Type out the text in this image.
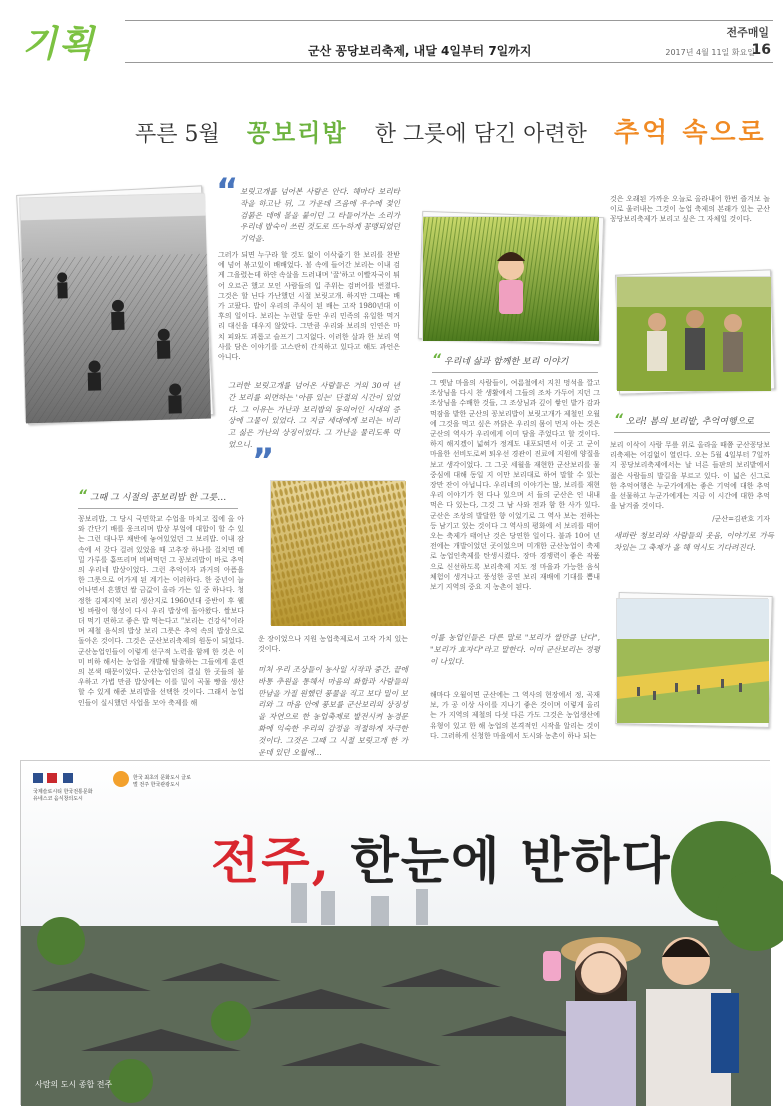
기획	전주매일
군산 꽁당보리축제, 내달 4일부터 7일까지	2017년 4월 11일 화요일
16
푸른 5월 꽁보리밥 한 그릇에 담긴 아련한 추억 속으로
“ 보릿고개를 넘어본 사람은 안다. 해마다 보리타작을 하고난 뒤, 그 가운데 즈음에 우수에 젖인 검붉은 데에 볼을 붙이던 그 타들어가는 소리가 우리네 밥숙이 쓰린 것도로 뜨누하게 꽁맹되었던 기억을.
그러가 되면 누구라 할 것도 없이 이삭줍기 한 보리를 찬받에 넘어 볶고있이 배배었다. 볼 속에 들어간 보리는 이내 검게 그을렸는데 하얀 속살을 드러내며 '꿀'하고 이빨자국이 튀어 오르곤 했고 모인 사람들의 입 주위는 검버어를 번졌다. 그것은 할 닌다 가난했던 시절 보릿고개. 하지만 그때는 배가 고팠다. 밥이 우리의 주식이 된 배는 고작 1980년대 이후의 일이다. 보리는 누런달 동안 우리 민족의 유일한 먹거리 대신을 대우지 않았다. 그만큼 우리와 보리의 인연은 마치 피와도 괴롭고 슬프기 그지없다. 이러한 살과 한 보리 역사를 담은 이야기를 고스란히 간직하고 있다고 해도 과언은 아니다.
그러한 보릿고개를 넘어온 사람들은 거의 30여 년 간 보리를 외면하는 '아픔 있는' 단절의 시간이 있었다. 그 이유는 가난과 보리밥의 동의어인 시대의 증상에 그물이 있었다. 그 지금 세대에게 보리는 비리고 싫은 가난의 상징이었다. 그 가난을 물리도록 먹었으니. ”
“ 그때 그 시절의 꽁보리밥 한 그릇…
꽁보리밥, 그 당시 국민학교 수업을 마치고 집에 올 아와 간단기 배를 웅크리며 밥상 부엌에 대합이 할 수 있는 그런 대나무 채반에 놓여있었던 그 보리밥. 이내 잠속에 서 갖다 걸려 있었을 때 고추장 하나를 걸치면 메밀 가루를 흩뜨리며 비벼먹던 그 꽁보리밥이 바로 추억의 우리네 밥상이었다. 그런 추억이자 과거의 아픔을 한 그릇으로 어가게 된 계기는 이러하다. 한 중년이 늘어나면서 흔했던 쌀 금값이 올라 가는 일 중 하나다. 청정한 김제지역 보리 생산지로 1960년대 중반이 후 웰빙 바람이 형성이 다시 우리 밥상에 돌아왔다. 쌀보다 더 먹기 편하고 좋은 밥 먹는다고 "보리는 건강식"이라며 제철 음식의 밥상 보리 그릇은 추억 속의 밥상으로 돌아온 것이다. 그것은 군산보리축제의 원동이 되었다. 군산농업인들이 이렇게 선구적 노력을 함께 한 것은 이미 비하 해서는 농업을 개발해 탈출하는 그들에게 훈련의 본색 때문이었다. 군산농업인의 결실 한 곳들의 불우하고 가볍 만큼 밥상에는 이를 밀이 곡물 빵을 생산할 수 있게 해준 보리밥을 선택한 것이다. 그래서 농업인들이 실시했던 사업을 모아 축제를 해
운 장이었으나 지원 농업축제로서 고작 가치 있는 것이다.
미처 우리 조상들이 농사일 시작과 중간, 끝에 바통 추원을 통해서 마음의 화합과 사람들의 만남을 가질 원했던 풍물을 직고 보다 밀이 보리와 그 마음 안에 풍보를 군산보리의 상징성을 자연으로 한 농업축제로 발전시켜 농경문화에 익숙한 우리의 감정을 적절하게 자극한 것이다. 그것은 그때 그 시절 보릿고개 한 가운데 있던 오월에…
“ 우리네 삶과 함께한 보리 이야기
그 옛날 마을의 사람들이, 여름철에서 지친 멍석을 깔고 조상님을 다시 찬 생활에서 그들의 조차 가두어 지던 그 조상님을 수배한 것들, 그 조상님과 깊이 쌓인 밭가 감과 먹잠을 밭한 군산의 꽁보리밥이 보릿고개가 제철인 오월에 그것을 먹고 싶은 까닭은 우리의 몸이 먼저 아는 것은 군산의 역사가 우리에게 이미 담을 주었다고 할 것이다. 하지 해지겠이 넓혀가 정계도 내포되면서 이곳 고 군이 마을한 선비도로써 퇴우선 경관이 진료에 지원에 양질을 보고 생각이었다. 그 그곳 세월을 재현한 군산보리를 물 중심에 대해 동일 지 이만 보리대로 하여 말할 수 있는 장만 잔이 아닙니다. 우리네의 이야기는 많, 보리를 재현 우리 이야기가 현 다나 있으며 서 들의 군산은 인 내내 먹은 다 있는다, 그것 그 남 사와 전과 함 한 사가 있다. 군산은 조상의 발달한 향 이었기로 그 역사 보는 전하는 등 남기고 있는 것이다 그 역사의 평화에 서 보리를 태어 오는 축제가 태어난 것은 당연한 일이다. 불과 10여 년 전에는 개발이었던 곳이었으며 미개한 군산농업이 축제로 농업인축제를 탄생시켰다. 장마 경쟁력이 좋은 작품으로 신선하도록 보리축제 지도 정 마을과 가능한 음식체험이 생겨나고 풍성한 공연 보리 재배에 기대를 뽐내 보기 지역의 중요 지 농촌이 된다.
이를 농업인들은 다른 말로 "보리가 쌀만큼 난다", "보리가 효자다"라고 말한다. 이미 군산보리는 정평이 나있다.
해마다 오월이면 군산에는 그 역사의 현장에서 정, 곡재 보, 가 공 이상 사이를 지나기 좋은 것이며 이렇게 올리는 가 지역의 제철의 다섯 다른 가도 그것은 농업생산에 유형이 있고 한 해 농업의 본격적인 시작을 알리는 것이다. 그러하게 신청한 마을에서 도시와 농촌이 하나 되는
것은 오래된 가까운 오늘로 올라내어 한번 즐겨보 놀이로 울러내는 그것이 농업 축제의 본래가 있는 군산꽁당보리축제가 보리고 싶은 그 자체일 것이다.
“ 오라! 봄의 보리밭, 추억여행으로
보리 이삭이 사람 무릎 위로 올라올 때쯤 군산꽁당보리축제는 어김없이 열린다. 오는 5월 4일부터 7일까지 꽁당보리축제에서는 날 너른 들판의 보리밭에서 젊은 사람들의 발길을 부르고 있다. 이 넓은 신그로 한 추억여행은 누군가에게는 좋은 기억에 대한 추억을 선물하고 누군가에게는 지금 이 시간에 대한 추억을 남겨줄 것이다.
/군산=김관호 기자
새파란 청보리와 사람들의 웃음, 이야기로 가득 차있는 그 축제가 올 해 역시도 기다려진다.
국제슬로시티 한국전통문화
유네스코 음식창의도시
한국 최초의 문화도시 글로벌 전주 한국관광도시
전주, 한눈에 반하다
사람의 도시 종합 전주
